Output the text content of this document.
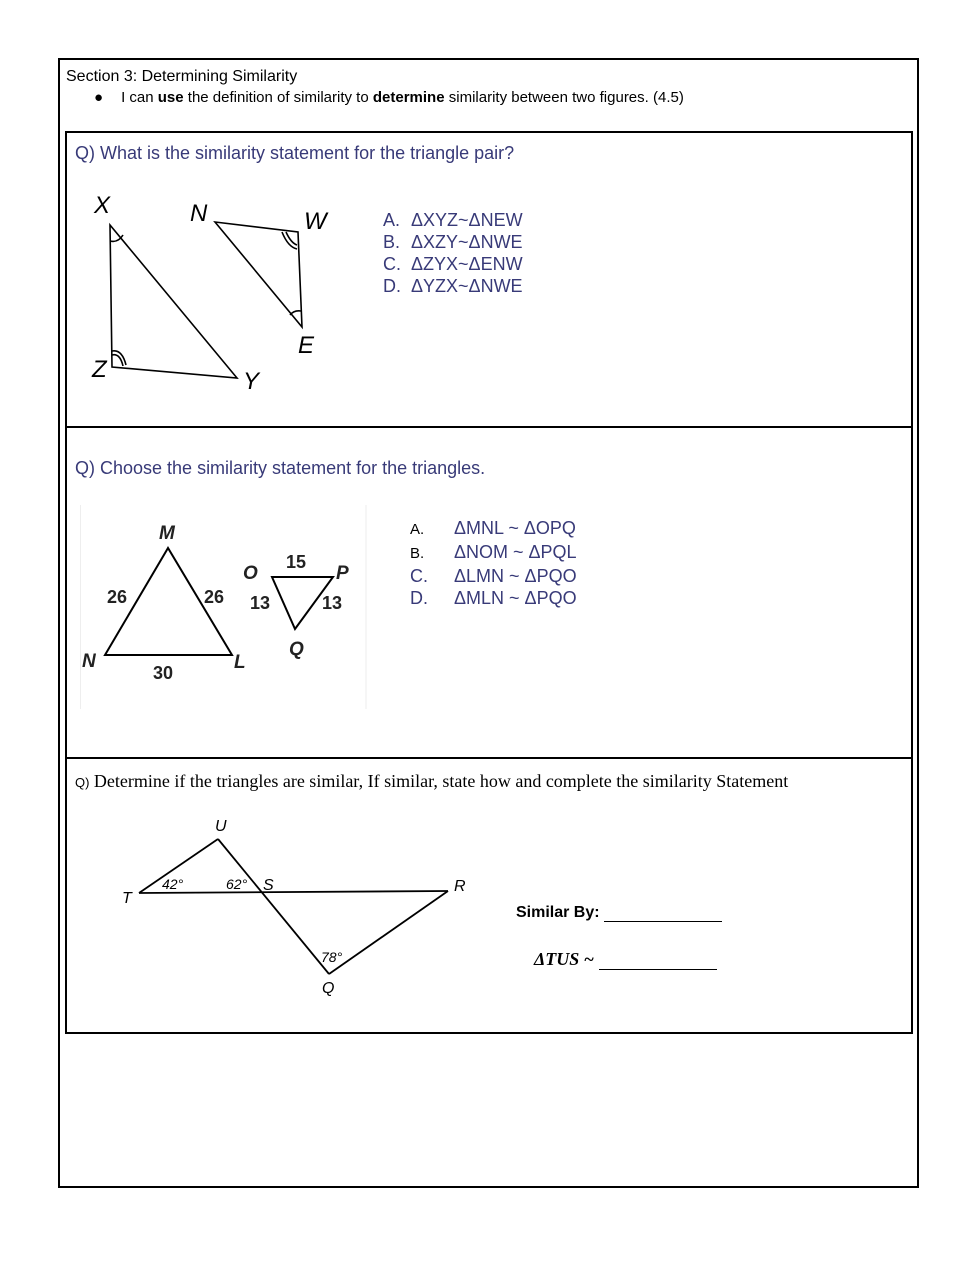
Section 3: Determining Similarity
● I can use the definition of similarity to determine similarity between two figures. (4.5)
Q) What is the similarity statement for the triangle pair?
X	N	W
Z	Y
E
A. ΔXYZ~ΔNEW
B. ΔXZY~ΔNWE
C. ΔZYX~ΔENW
D. ΔYZX~ΔNWE
Q) Choose the similarity statement for the triangles.
M
N	L
O	P
Q
26	26
30
15
13	13
A. ΔMNL ~ ΔOPQ
B. ΔNOM ~ ΔPQL
C. ΔLMN ~ ΔPQO
D. ΔMLN ~ ΔPQO
Q) Determine if the triangles are similar, If similar, state how and complete the similarity Statement
U
T
S	R
Q
42°	62°
78°
Similar By:
ΔTUS ~
